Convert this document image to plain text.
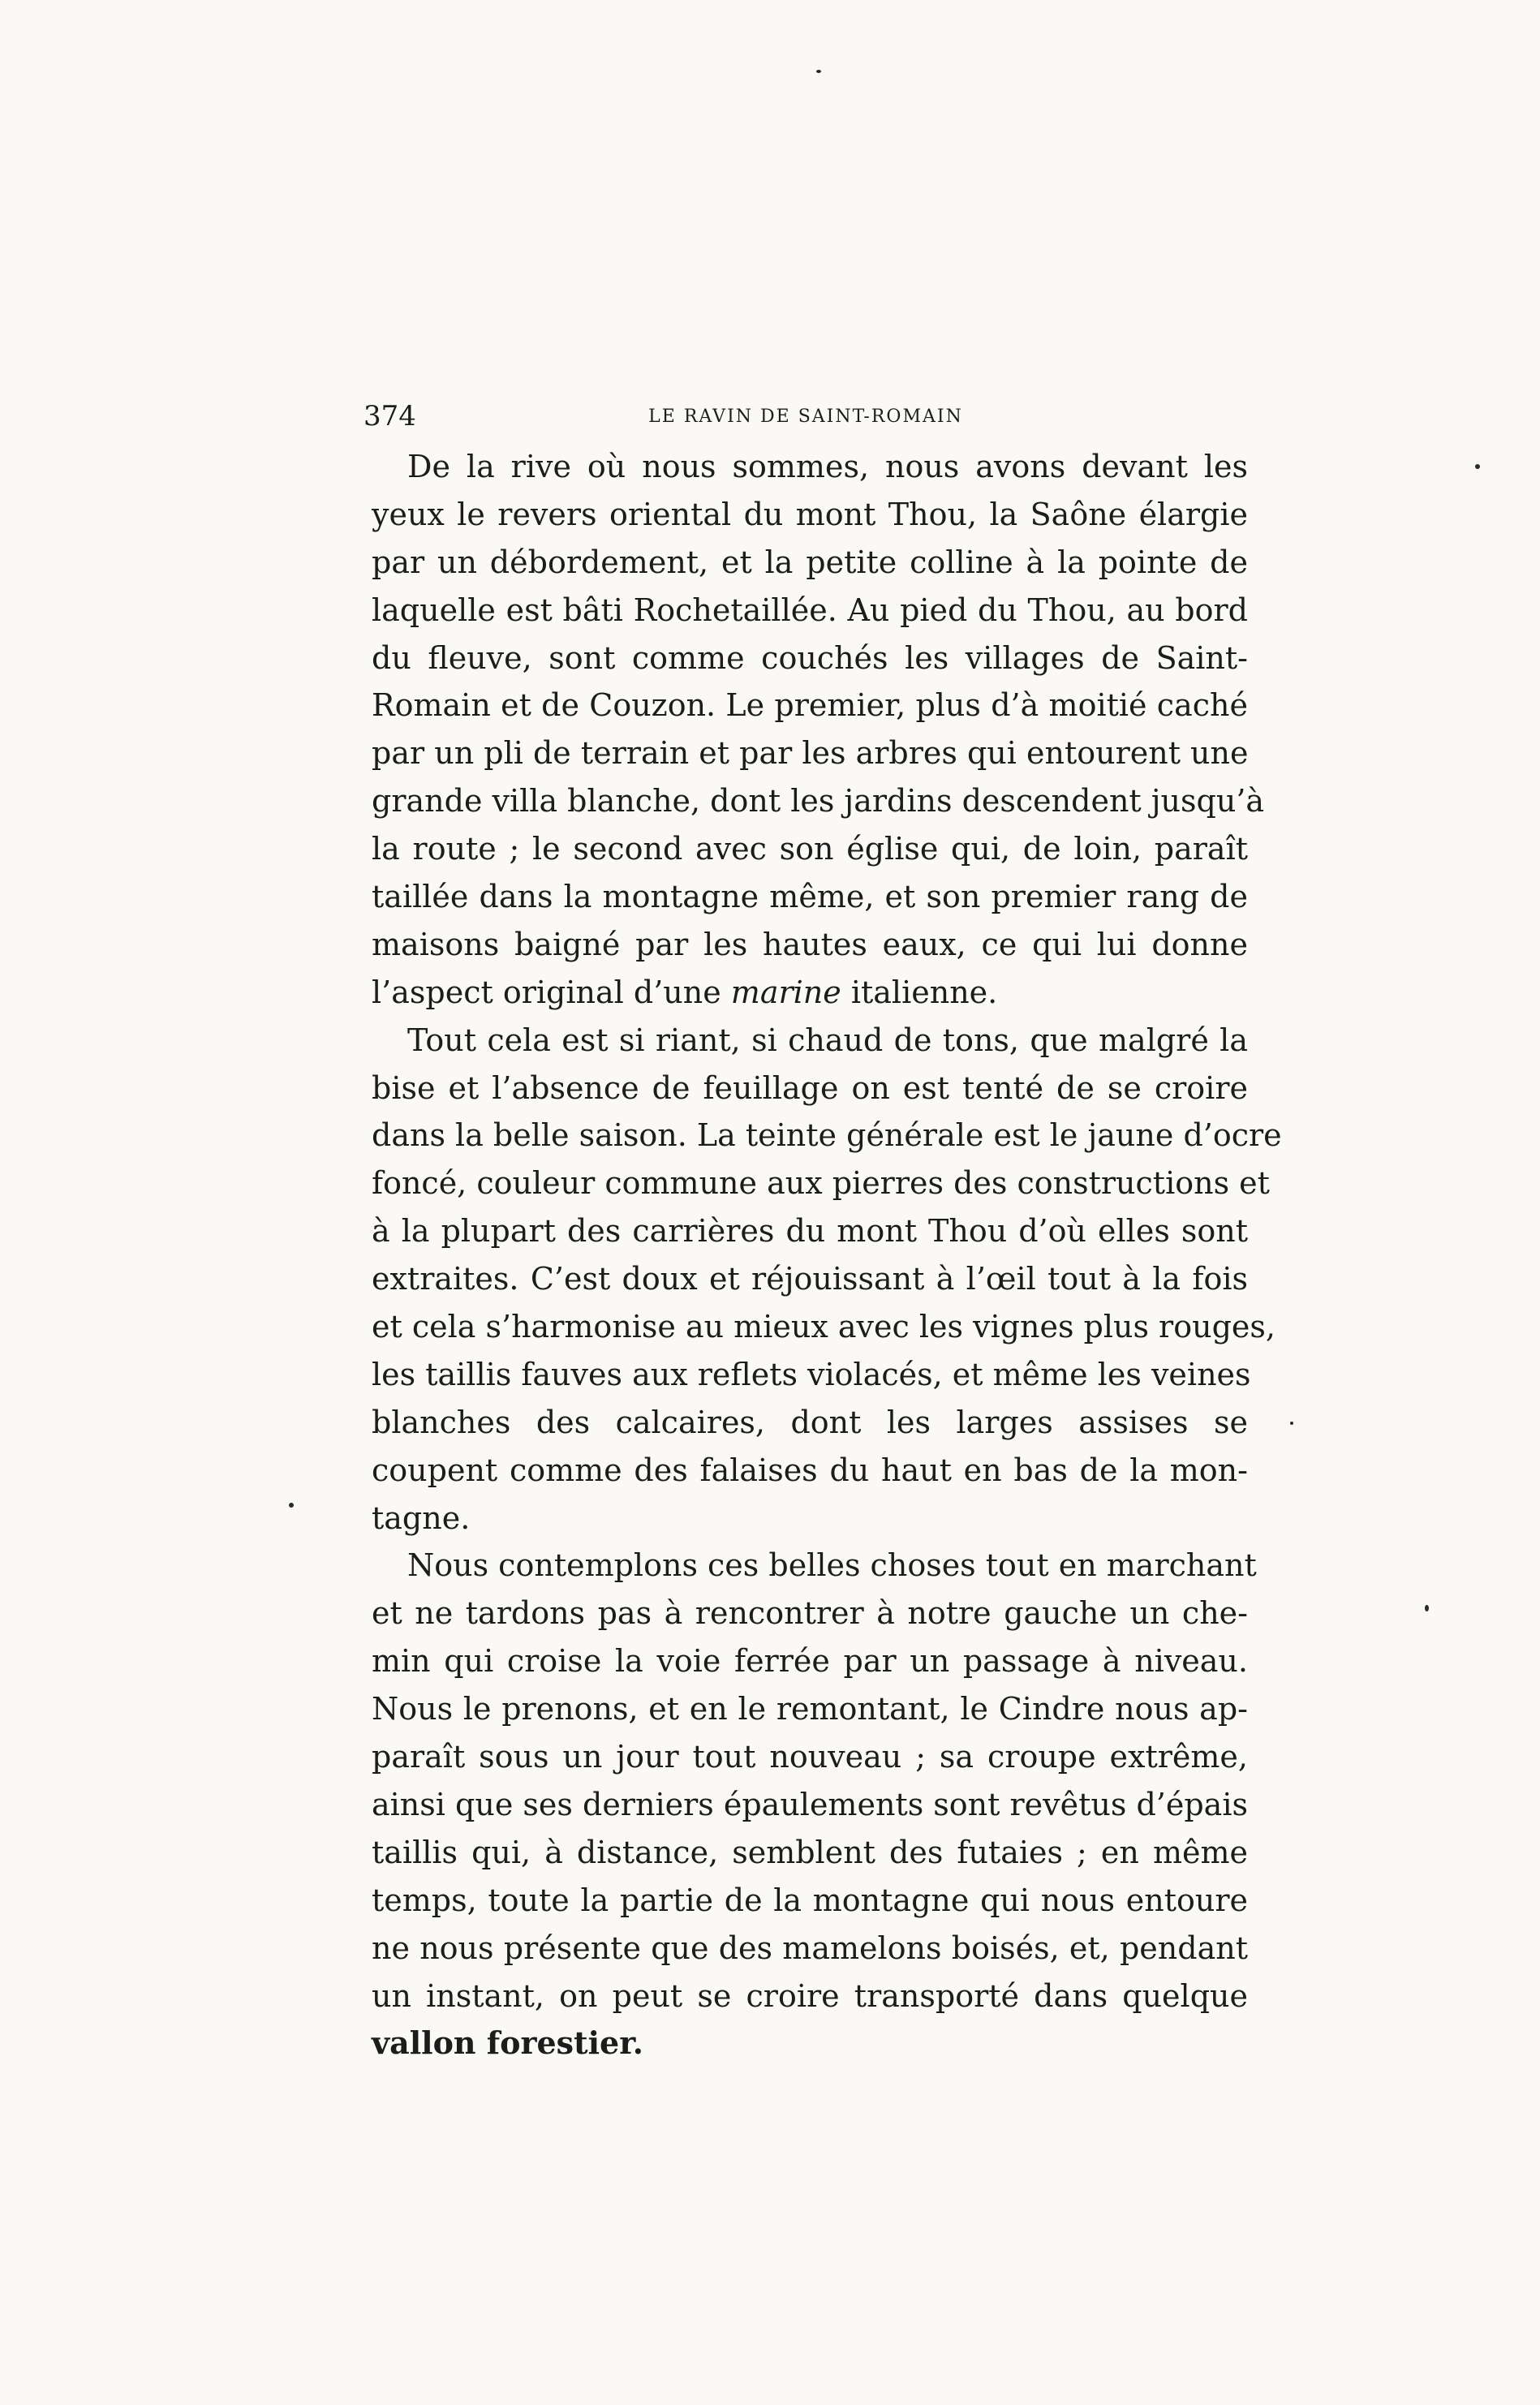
374	LE RAVIN DE SAINT-ROMAIN
De la rive où nous sommes, nous avons devant les
yeux le revers oriental du mont Thou, la Saône élargie
par un débordement, et la petite colline à la pointe de
laquelle est bâti Rochetaillée. Au pied du Thou, au bord
du fleuve, sont comme couchés les villages de Saint-
Romain et de Couzon. Le premier, plus d’à moitié caché
par un pli de terrain et par les arbres qui entourent une
grande villa blanche, dont les jardins descendent jusqu’à
la route ; le second avec son église qui, de loin, paraît
taillée dans la montagne même, et son premier rang de
maisons baigné par les hautes eaux, ce qui lui donne
l’aspect original d’une marine italienne.
Tout cela est si riant, si chaud de tons, que malgré la
bise et l’absence de feuillage on est tenté de se croire
dans la belle saison. La teinte générale est le jaune d’ocre
foncé, couleur commune aux pierres des constructions et
à la plupart des carrières du mont Thou d’où elles sont
extraites. C’est doux et réjouissant à l’œil tout à la fois
et cela s’harmonise au mieux avec les vignes plus rouges,
les taillis fauves aux reflets violacés, et même les veines
blanches des calcaires, dont les larges assises se
coupent comme des falaises du haut en bas de la mon-
tagne.
Nous contemplons ces belles choses tout en marchant
et ne tardons pas à rencontrer à notre gauche un che-
min qui croise la voie ferrée par un passage à niveau.
Nous le prenons, et en le remontant, le Cindre nous ap-
paraît sous un jour tout nouveau ; sa croupe extrême,
ainsi que ses derniers épaulements sont revêtus d’épais
taillis qui, à distance, semblent des futaies ; en même
temps, toute la partie de la montagne qui nous entoure
ne nous présente que des mamelons boisés, et, pendant
un instant, on peut se croire transporté dans quelque
vallon forestier.
